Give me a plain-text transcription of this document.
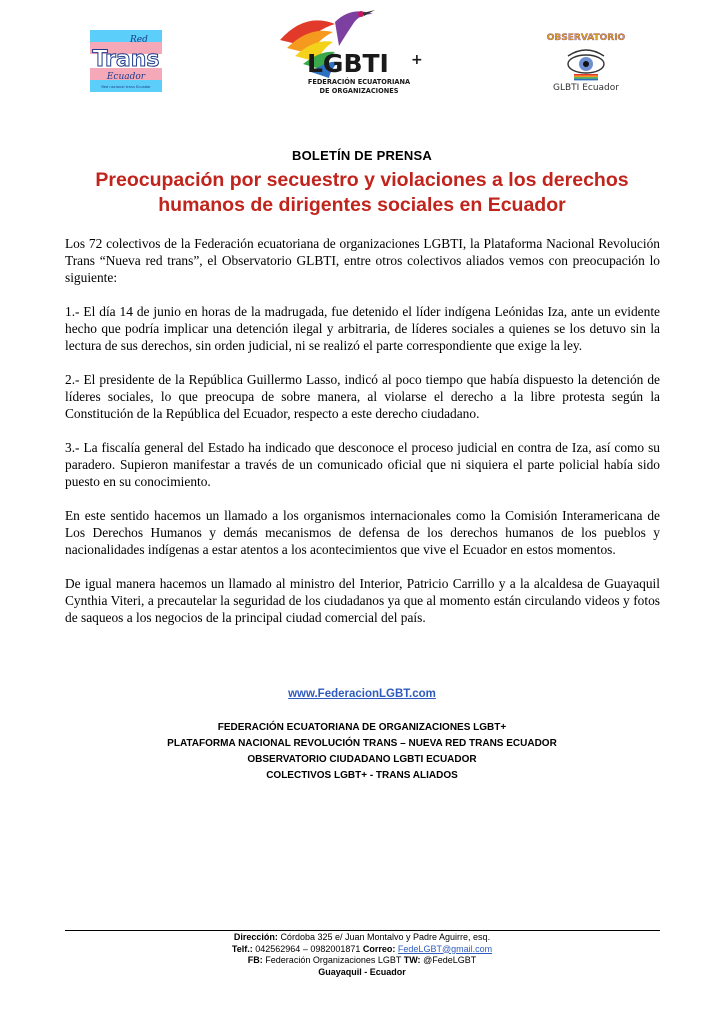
Red
Trans
Ecuador
Red nacional trans Ecuador
LGBTI +
FEDERACIÓN ECUATORIANA
DE ORGANIZACIONES
OBSERVATORIO
GLBTI Ecuador
BOLETÍN DE PRENSA
Preocupación por secuestro y violaciones a los derechos humanos de dirigentes sociales en Ecuador

Los 72 colectivos de la Federación ecuatoriana de organizaciones LGBTI, la Plataforma Nacional Revolución Trans “Nueva red trans”, el Observatorio GLBTI, entre otros colectivos aliados vemos con preocupación lo siguiente:

1.- El día 14 de junio en horas de la madrugada, fue detenido el líder indígena Leónidas Iza, ante un evidente hecho que podría implicar una detención ilegal y arbitraria, de líderes sociales a quienes se los detuvo sin la lectura de sus derechos, sin orden judicial, ni se realizó el parte correspondiente que exige la ley.

2.- El presidente de la República Guillermo Lasso, indicó al poco tiempo que había dispuesto la detención de líderes sociales, lo que preocupa de sobre manera, al violarse el derecho a la libre protesta según la Constitución de la República del Ecuador, respecto a este derecho ciudadano.

3.- La fiscalía general del Estado ha indicado que desconoce el proceso judicial en contra de Iza, así como su paradero. Supieron manifestar a través de un comunicado oficial que ni siquiera el parte policial había sido puesto en su conocimiento.

En este sentido hacemos un llamado a los organismos internacionales como la Comisión Interamericana de Los Derechos Humanos y demás mecanismos de defensa de los derechos humanos de los pueblos y nacionalidades indígenas a estar atentos a los acontecimientos que vive el Ecuador en estos momentos.

De igual manera hacemos un llamado al ministro del Interior, Patricio Carrillo y a la alcaldesa de Guayaquil Cynthia Viteri, a precautelar la seguridad de los ciudadanos ya que al momento están circulando videos y fotos de saqueos a los negocios de la principal ciudad comercial del país.

www.FederacionLGBT.com
FEDERACIÓN ECUATORIANA DE ORGANIZACIONES LGBT+
PLATAFORMA NACIONAL REVOLUCIÓN TRANS – NUEVA RED TRANS ECUADOR
OBSERVATORIO CIUDADANO LGBTI ECUADOR
COLECTIVOS LGBT+ - TRANS ALIADOS
Dirección: Córdoba 325 e/ Juan Montalvo y Padre Aguirre, esq.
Telf.: 042562964 – 0982001871 Correo: FedeLGBT@gmail.com
FB: Federación Organizaciones LGBT TW: @FedeLGBT
Guayaquil - Ecuador
